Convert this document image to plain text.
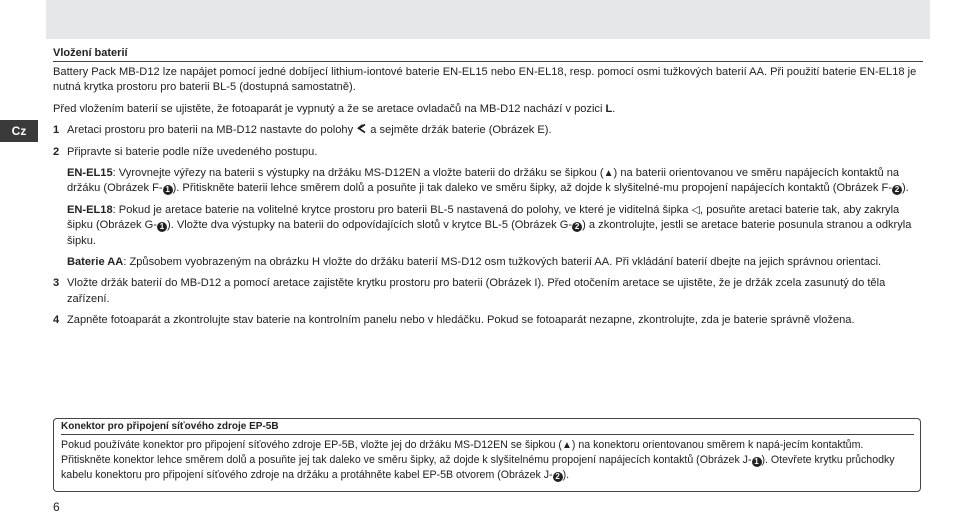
Cz
Vložení baterií

Battery Pack MB-D12 lze napájet pomocí jedné dobíjecí lithium-iontové baterie EN-EL15 nebo EN-EL18, resp. pomocí osmi tužkových baterií AA. Při použití baterie EN-EL18 je nutná krytka prostoru pro baterii BL-5 (dostupná samostatně).

Před vložením baterií se ujistěte, že fotoaparát je vypnutý a že se aretace ovladačů na MB-D12 nachází v pozici L.

1 Aretaci prostoru pro baterii na MB-D12 nastavte do polohy  a sejměte držák baterie (Obrázek E).
2 Připravte si baterie podle níže uvedeného postupu.
EN-EL15: Vyrovnejte výřezy na baterii s výstupky na držáku MS-D12EN a vložte baterii do držáku se šipkou (▲) na baterii orientovanou ve směru napájecích kontaktů na držáku (Obrázek F- 1 ). Přitiskněte baterii lehce směrem dolů a posuňte ji tak daleko ve směru šipky, až dojde k slyšitelné-mu propojení napájecích kontaktů (Obrázek F- 2 ).
EN-EL18: Pokud je aretace baterie na volitelné krytce prostoru pro baterii BL-5 nastavená do polohy, ve které je viditelná šipka ◁, posuňte aretaci baterie tak, aby zakryla šipku (Obrázek G- 1 ). Vložte dva výstupky na baterii do odpovídajících slotů v krytce BL-5 (Obrázek G- 2 ) a zkontrolujte, jestli se aretace baterie posunula stranou a odkryla šipku.
Baterie AA: Způsobem vyobrazeným na obrázku H vložte do držáku baterií MS-D12 osm tužkových baterií AA. Při vkládání baterií dbejte na jejich správnou orientaci.
3 Vložte držák baterií do MB-D12 a pomocí aretace zajistěte krytku prostoru pro baterii (Obrázek I). Před otočením aretace se ujistěte, že je držák zcela zasunutý do těla zařízení.
4 Zapněte fotoaparát a zkontrolujte stav baterie na kontrolním panelu nebo v hledáčku. Pokud se fotoaparát nezapne, zkontrolujte, zda je baterie správně vložena.
Konektor pro připojení síťového zdroje EP-5B
Pokud používáte konektor pro připojení síťového zdroje EP-5B, vložte jej do držáku MS-D12EN se šipkou (▲) na konektoru orientovanou směrem k napá-jecím kontaktům. Přitiskněte konektor lehce směrem dolů a posuňte jej tak daleko ve směru šipky, až dojde k slyšitelnému propojení napájecích kontaktů (Obrázek J- 1 ). Otevřete krytku průchodky kabelu konektoru pro připojení síťového zdroje na držáku a protáhněte kabel EP-5B otvorem (Obrázek J- 2 ).
6
